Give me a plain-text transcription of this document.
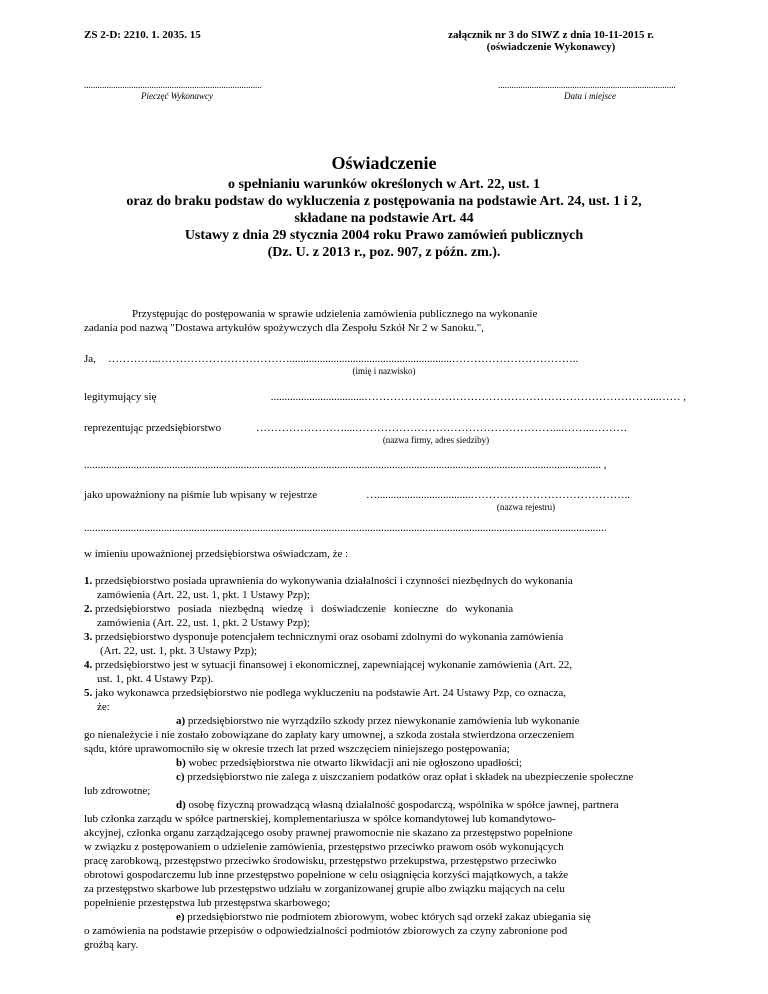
ZS 2-D: 2210. 1. 2035. 15	załącznik nr 3 do SIWZ z dnia 10-11-2015 r.
(oświadczenie Wykonawcy)
...............................................................................
Pieczęć Wykonawcy
...............................................................................
Data i miejsce
Oświadczenie
o spełnianiu warunków określonych w Art. 22, ust. 1
oraz do braku podstaw do wykluczenia z postępowania na podstawie Art. 24, ust. 1 i 2,
składane na podstawie Art. 44
Ustawy z dnia 29 stycznia 2004 roku Prawo zamówień publicznych
(Dz. U. z 2013 r., poz. 907, z późn. zm.).
Przystępując do postępowania w sprawie udzielenia zamówienia publicznego na wykonanie
zadania pod nazwą "Dostawa artykułów spożywczych dla Zespołu Szkół Nr 2 w Sanoku.",
Ja, …………..………………………………...........................................................……………………………..
(imię i nazwisko)
legitymujący się	..................................……………………………………………………………………...…… ,
reprezentując przedsiębiorstwo	……………………....………………………………………………....……...………
(nazwa firmy, adres siedziby)
............................................................................................................................................................................................ ,
jako upoważniony na piśmie lub wpisany w rejestrze	…..................................……………………………………..
(nazwa rejestru)
..............................................................................................................................................................................................
w imieniu upoważnionej przedsiębiorstwa oświadczam, że :
1. przedsiębiorstwo posiada uprawnienia do wykonywania działalności i czynności niezbędnych do wykonania
zamówienia (Art. 22, ust. 1, pkt. 1 Ustawy Pzp);
2. przedsiębiorstwo posiada niezbędną wiedzę i doświadczenie konieczne do wykonania
zamówienia (Art. 22, ust. 1, pkt. 2 Ustawy Pzp);
3. przedsiębiorstwo dysponuje potencjałem technicznymi oraz osobami zdolnymi do wykonania zamówienia
(Art. 22, ust. 1, pkt. 3 Ustawy Pzp);
4. przedsiębiorstwo jest w sytuacji finansowej i ekonomicznej, zapewniającej wykonanie zamówienia (Art. 22,
ust. 1, pkt. 4 Ustawy Pzp).
5. jako wykonawca przedsiębiorstwo nie podlega wykluczeniu na podstawie Art. 24 Ustawy Pzp, co oznacza,
że:
a) przedsiębiorstwo nie wyrządziło szkody przez niewykonanie zamówienia lub wykonanie
go nienależycie i nie zostało zobowiązane do zapłaty kary umownej, a szkoda została stwierdzona orzeczeniem
sądu, które uprawomocniło się w okresie trzech lat przed wszczęciem niniejszego postępowania;
b) wobec przedsiębiorstwa nie otwarto likwidacji ani nie ogłoszono upadłości;
c) przedsiębiorstwo nie zalega z uiszczaniem podatków oraz opłat i składek na ubezpieczenie społeczne
lub zdrowotne;
d) osobę fizyczną prowadzącą własną działalność gospodarczą, wspólnika w spółce jawnej, partnera
lub członka zarządu w spółce partnerskiej, komplementariusza w spółce komandytowej lub komandytowo-
akcyjnej, członka organu zarządzającego osoby prawnej prawomocnie nie skazano za przestępstwo popełnione
w związku z postępowaniem o udzielenie zamówienia, przestępstwo przeciwko prawom osób wykonujących
pracę zarobkową, przestępstwo przeciwko środowisku, przestępstwo przekupstwa, przestępstwo przeciwko
obrotowi gospodarczemu lub inne przestępstwo popełnione w celu osiągnięcia korzyści majątkowych, a także
za przestępstwo skarbowe lub przestępstwo udziału w zorganizowanej grupie albo związku mających na celu
popełnienie przestępstwa lub przestępstwa skarbowego;
e) przedsiębiorstwo nie podmiotem zbiorowym, wobec których sąd orzekł zakaz ubiegania się
o zamówienia na podstawie przepisów o odpowiedzialności podmiotów zbiorowych za czyny zabronione pod
groźbą kary.
